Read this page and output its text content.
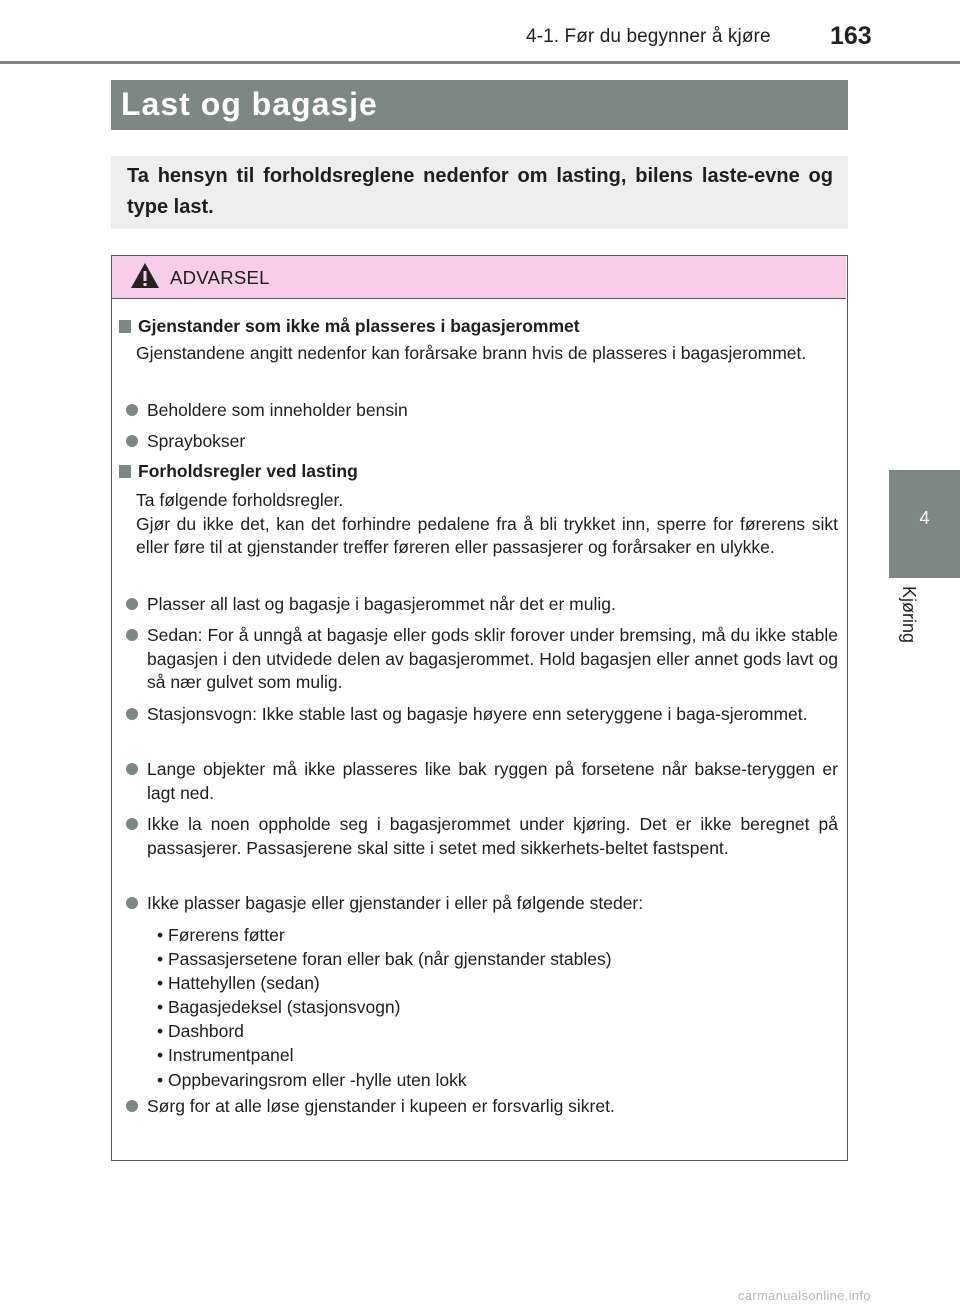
4-1. Før du begynner å kjøre 163
4
Kjøring
Last og bagasje

Ta hensyn til forholdsreglene nedenfor om lasting, bilens laste-evne og type last.

ADVARSEL
Gjenstander som ikke må plasseres i bagasjerommet
Gjenstandene angitt nedenfor kan forårsake brann hvis de plasseres i bagasjerommet.
Beholdere som inneholder bensin
Spraybokser
Forholdsregler ved lasting
Ta følgende forholdsregler.
Gjør du ikke det, kan det forhindre pedalene fra å bli trykket inn, sperre for førerens sikt eller føre til at gjenstander treffer føreren eller passasjerer og forårsaker en ulykke.
Plasser all last og bagasje i bagasjerommet når det er mulig.
Sedan: For å unngå at bagasje eller gods sklir forover under bremsing, må du ikke stable bagasjen i den utvidede delen av bagasjerommet. Hold bagasjen eller annet gods lavt og så nær gulvet som mulig.
Stasjonsvogn: Ikke stable last og bagasje høyere enn seteryggene i baga-sjerommet.
Lange objekter må ikke plasseres like bak ryggen på forsetene når bakse-teryggen er lagt ned.
Ikke la noen oppholde seg i bagasjerommet under kjøring. Det er ikke beregnet på passasjerer. Passasjerene skal sitte i setet med sikkerhets-beltet fastspent.
Ikke plasser bagasje eller gjenstander i eller på følgende steder:
• Førerens føtter
• Passasjersetene foran eller bak (når gjenstander stables)
• Hattehyllen (sedan)
• Bagasjedeksel (stasjonsvogn)
• Dashbord
• Instrumentpanel
• Oppbevaringsrom eller -hylle uten lokk
Sørg for at alle løse gjenstander i kupeen er forsvarlig sikret.
carmanualsonline.info
